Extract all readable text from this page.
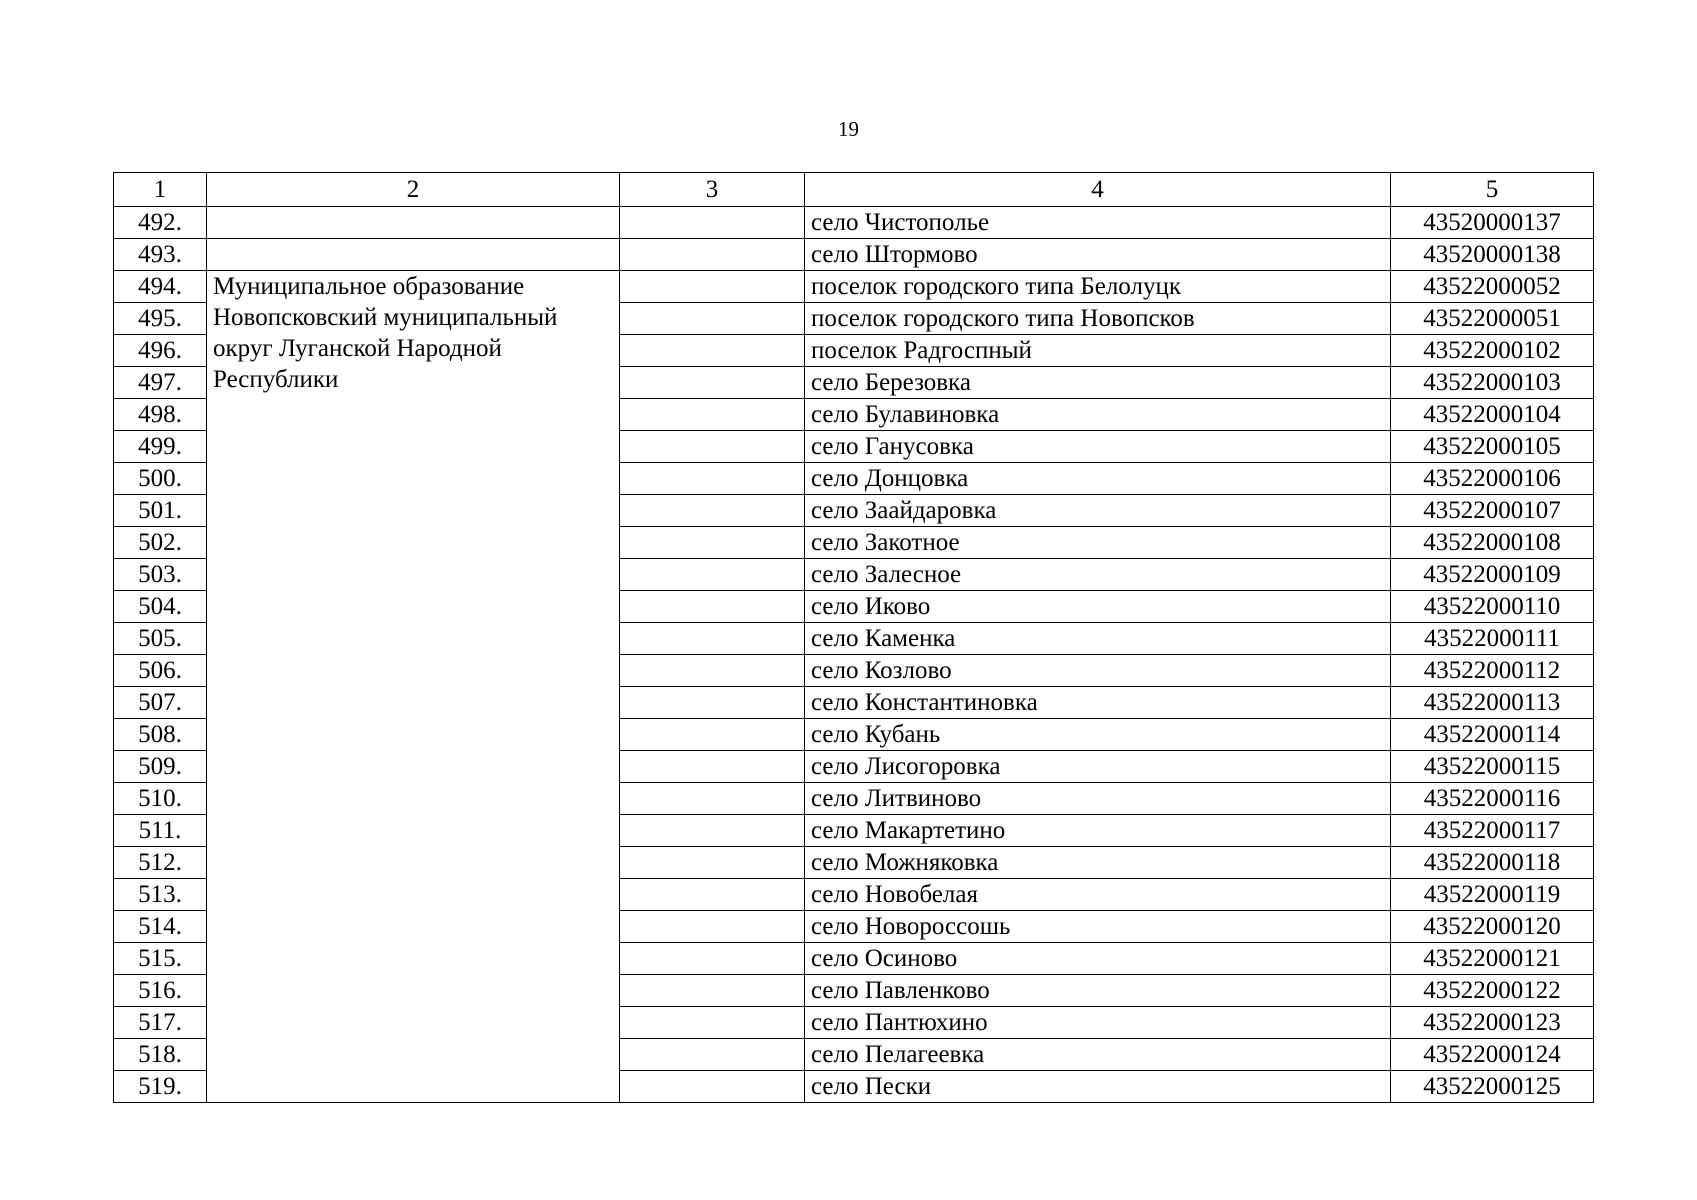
19
1	2	3	4	5
492.			село Чистополье	43520000137
493.			село Штормово	43520000138
494.	Муниципальное образование
Новопсковский муниципальный
округ Луганской Народной
Республики		поселок городского типа Белолуцк	43522000052
495.			поселок городского типа Новопсков	43522000051
496.			поселок Радгоспный	43522000102
497.			село Березовка	43522000103
498.			село Булавиновка	43522000104
499.			село Ганусовка	43522000105
500.			село Донцовка	43522000106
501.			село Заайдаровка	43522000107
502.			село Закотное	43522000108
503.			село Залесное	43522000109
504.			село Иково	43522000110
505.			село Каменка	43522000111
506.			село Козлово	43522000112
507.			село Константиновка	43522000113
508.			село Кубань	43522000114
509.			село Лисогоровка	43522000115
510.			село Литвиново	43522000116
511.			село Макартетино	43522000117
512.			село Можняковка	43522000118
513.			село Новобелая	43522000119
514.			село Новороссошь	43522000120
515.			село Осиново	43522000121
516.			село Павленково	43522000122
517.			село Пантюхино	43522000123
518.			село Пелагеевка	43522000124
519.			село Пески	43522000125
